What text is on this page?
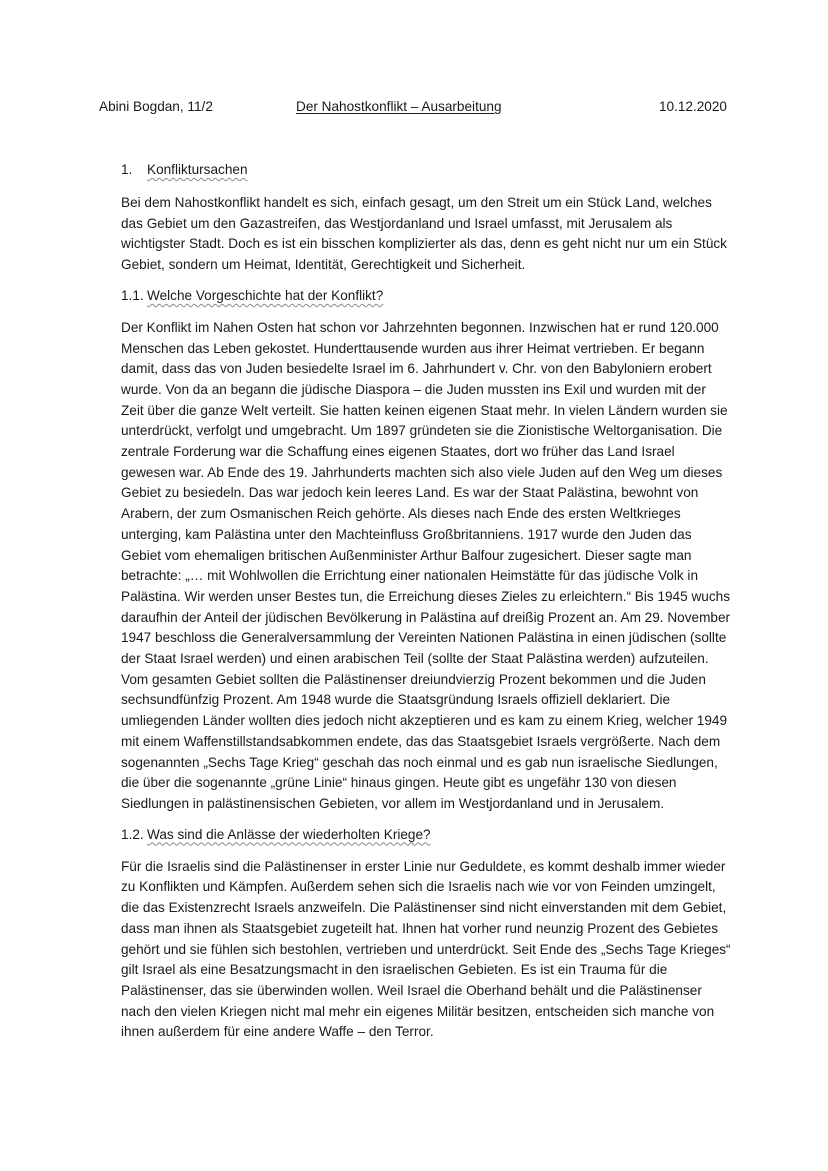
Abini Bogdan, 11/2	Der Nahostkonflikt – Ausarbeitung	10.12.2020
1. Konfliktursachen

Bei dem Nahostkonflikt handelt es sich, einfach gesagt, um den Streit um ein Stück Land, welches das Gebiet um den Gazastreifen, das Westjordanland und Israel umfasst, mit Jerusalem als wichtigster Stadt. Doch es ist ein bisschen komplizierter als das, denn es geht nicht nur um ein Stück Gebiet, sondern um Heimat, Identität, Gerechtigkeit und Sicherheit.

1.1. Welche Vorgeschichte hat der Konflikt?

Der Konflikt im Nahen Osten hat schon vor Jahrzehnten begonnen. Inzwischen hat er rund 120.000 Menschen das Leben gekostet. Hunderttausende wurden aus ihrer Heimat vertrieben. Er begann damit, dass das von Juden besiedelte Israel im 6. Jahrhundert v. Chr. von den Babyloniern erobert wurde. Von da an begann die jüdische Diaspora – die Juden mussten ins Exil und wurden mit der Zeit über die ganze Welt verteilt. Sie hatten keinen eigenen Staat mehr. In vielen Ländern wurden sie unterdrückt, verfolgt und umgebracht. Um 1897 gründeten sie die Zionistische Weltorganisation. Die zentrale Forderung war die Schaffung eines eigenen Staates, dort wo früher das Land Israel gewesen war. Ab Ende des 19. Jahrhunderts machten sich also viele Juden auf den Weg um dieses Gebiet zu besiedeln. Das war jedoch kein leeres Land. Es war der Staat Palästina, bewohnt von Arabern, der zum Osmanischen Reich gehörte. Als dieses nach Ende des ersten Weltkrieges unterging, kam Palästina unter den Machteinfluss Großbritanniens. 1917 wurde den Juden das Gebiet vom ehemaligen britischen Außenminister Arthur Balfour zugesichert. Dieser sagte man betrachte: „… mit Wohlwollen die Errichtung einer nationalen Heimstätte für das jüdische Volk in Palästina. Wir werden unser Bestes tun, die Erreichung dieses Zieles zu erleichtern.“ Bis 1945 wuchs daraufhin der Anteil der jüdischen Bevölkerung in Palästina auf dreißig Prozent an. Am 29. November 1947 beschloss die Generalversammlung der Vereinten Nationen Palästina in einen jüdischen (sollte der Staat Israel werden) und einen arabischen Teil (sollte der Staat Palästina werden) aufzuteilen. Vom gesamten Gebiet sollten die Palästinenser dreiundvierzig Prozent bekommen und die Juden sechsundfünfzig Prozent. Am 1948 wurde die Staatsgründung Israels offiziell deklariert. Die umliegenden Länder wollten dies jedoch nicht akzeptieren und es kam zu einem Krieg, welcher 1949 mit einem Waffenstillstandsabkommen endete, das das Staatsgebiet Israels vergrößerte. Nach dem sogenannten „Sechs Tage Krieg“ geschah das noch einmal und es gab nun israelische Siedlungen, die über die sogenannte „grüne Linie“ hinaus gingen. Heute gibt es ungefähr 130 von diesen Siedlungen in palästinensischen Gebieten, vor allem im Westjordanland und in Jerusalem.

1.2. Was sind die Anlässe der wiederholten Kriege?

Für die Israelis sind die Palästinenser in erster Linie nur Geduldete, es kommt deshalb immer wieder zu Konflikten und Kämpfen. Außerdem sehen sich die Israelis nach wie vor von Feinden umzingelt, die das Existenzrecht Israels anzweifeln. Die Palästinenser sind nicht einverstanden mit dem Gebiet, dass man ihnen als Staatsgebiet zugeteilt hat. Ihnen hat vorher rund neunzig Prozent des Gebietes gehört und sie fühlen sich bestohlen, vertrieben und unterdrückt. Seit Ende des „Sechs Tage Krieges“ gilt Israel als eine Besatzungsmacht in den israelischen Gebieten. Es ist ein Trauma für die Palästinenser, das sie überwinden wollen. Weil Israel die Oberhand behält und die Palästinenser nach den vielen Kriegen nicht mal mehr ein eigenes Militär besitzen, entscheiden sich manche von ihnen außerdem für eine andere Waffe – den Terror.
